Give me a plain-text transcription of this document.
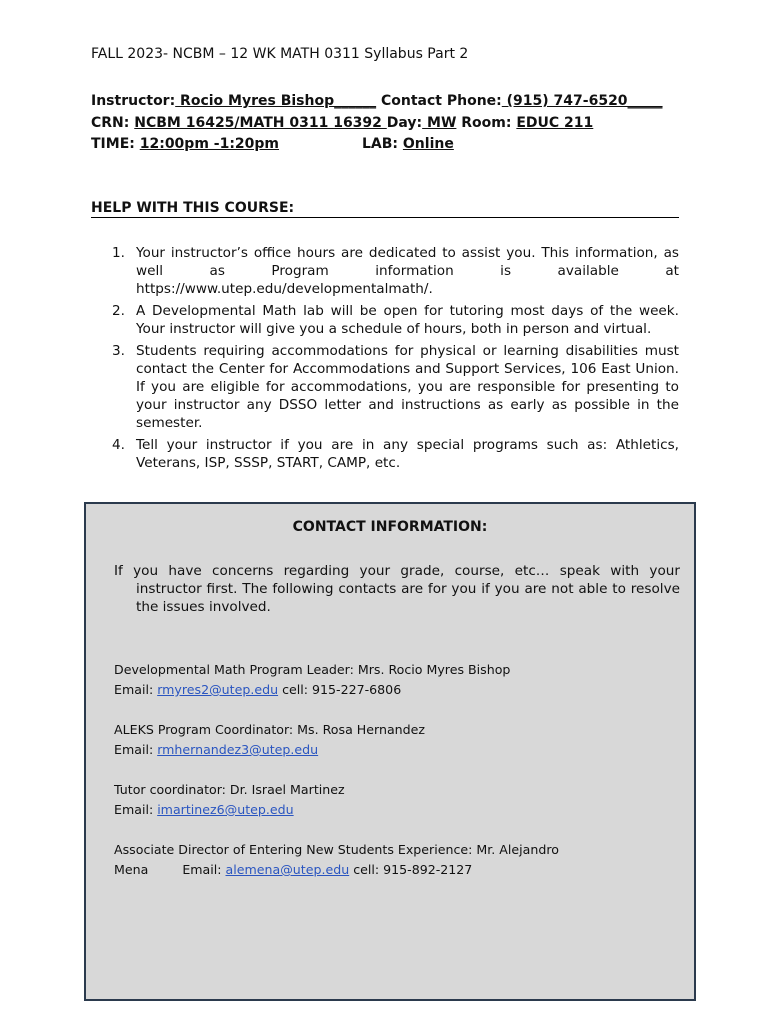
FALL 2023- NCBM – 12 WK MATH 0311 Syllabus Part 2
Instructor: Rocio Myres Bishop______ Contact Phone: (915) 747-6520_____
CRN: NCBM 16425/MATH 0311 16392 Day: MW Room: EDUC 211
TIME: 12:00pm -1:20pm	LAB: Online
HELP WITH THIS COURSE:
1. Your instructor’s office hours are dedicated to assist you. This information, as
well as Program information is available at
https://www.utep.edu/developmentalmath/.
2. A Developmental Math lab will be open for tutoring most days of the week. Your instructor will give you a schedule of hours, both in person and virtual.
3. Students requiring accommodations for physical or learning disabilities must contact the Center for Accommodations and Support Services, 106 East Union. If you are eligible for accommodations, you are responsible for presenting to your instructor any DSSO letter and instructions as early as possible in the semester.
4. Tell your instructor if you are in any special programs such as: Athletics, Veterans, ISP, SSSP, START, CAMP, etc.
CONTACT INFORMATION:
If you have concerns regarding your grade, course, etc… speak with your instructor first. The following contacts are for you if you are not able to resolve the issues involved.
Developmental Math Program Leader: Mrs. Rocio Myres Bishop
Email: rmyres2@utep.edu cell: 915-227-6806
ALEKS Program Coordinator: Ms. Rosa Hernandez
Email: rmhernandez3@utep.edu
Tutor coordinator: Dr. Israel Martinez
Email: imartinez6@utep.edu
Associate Director of Entering New Students Experience: Mr. Alejandro
Mena	Email: alemena@utep.edu cell: 915-892-2127
